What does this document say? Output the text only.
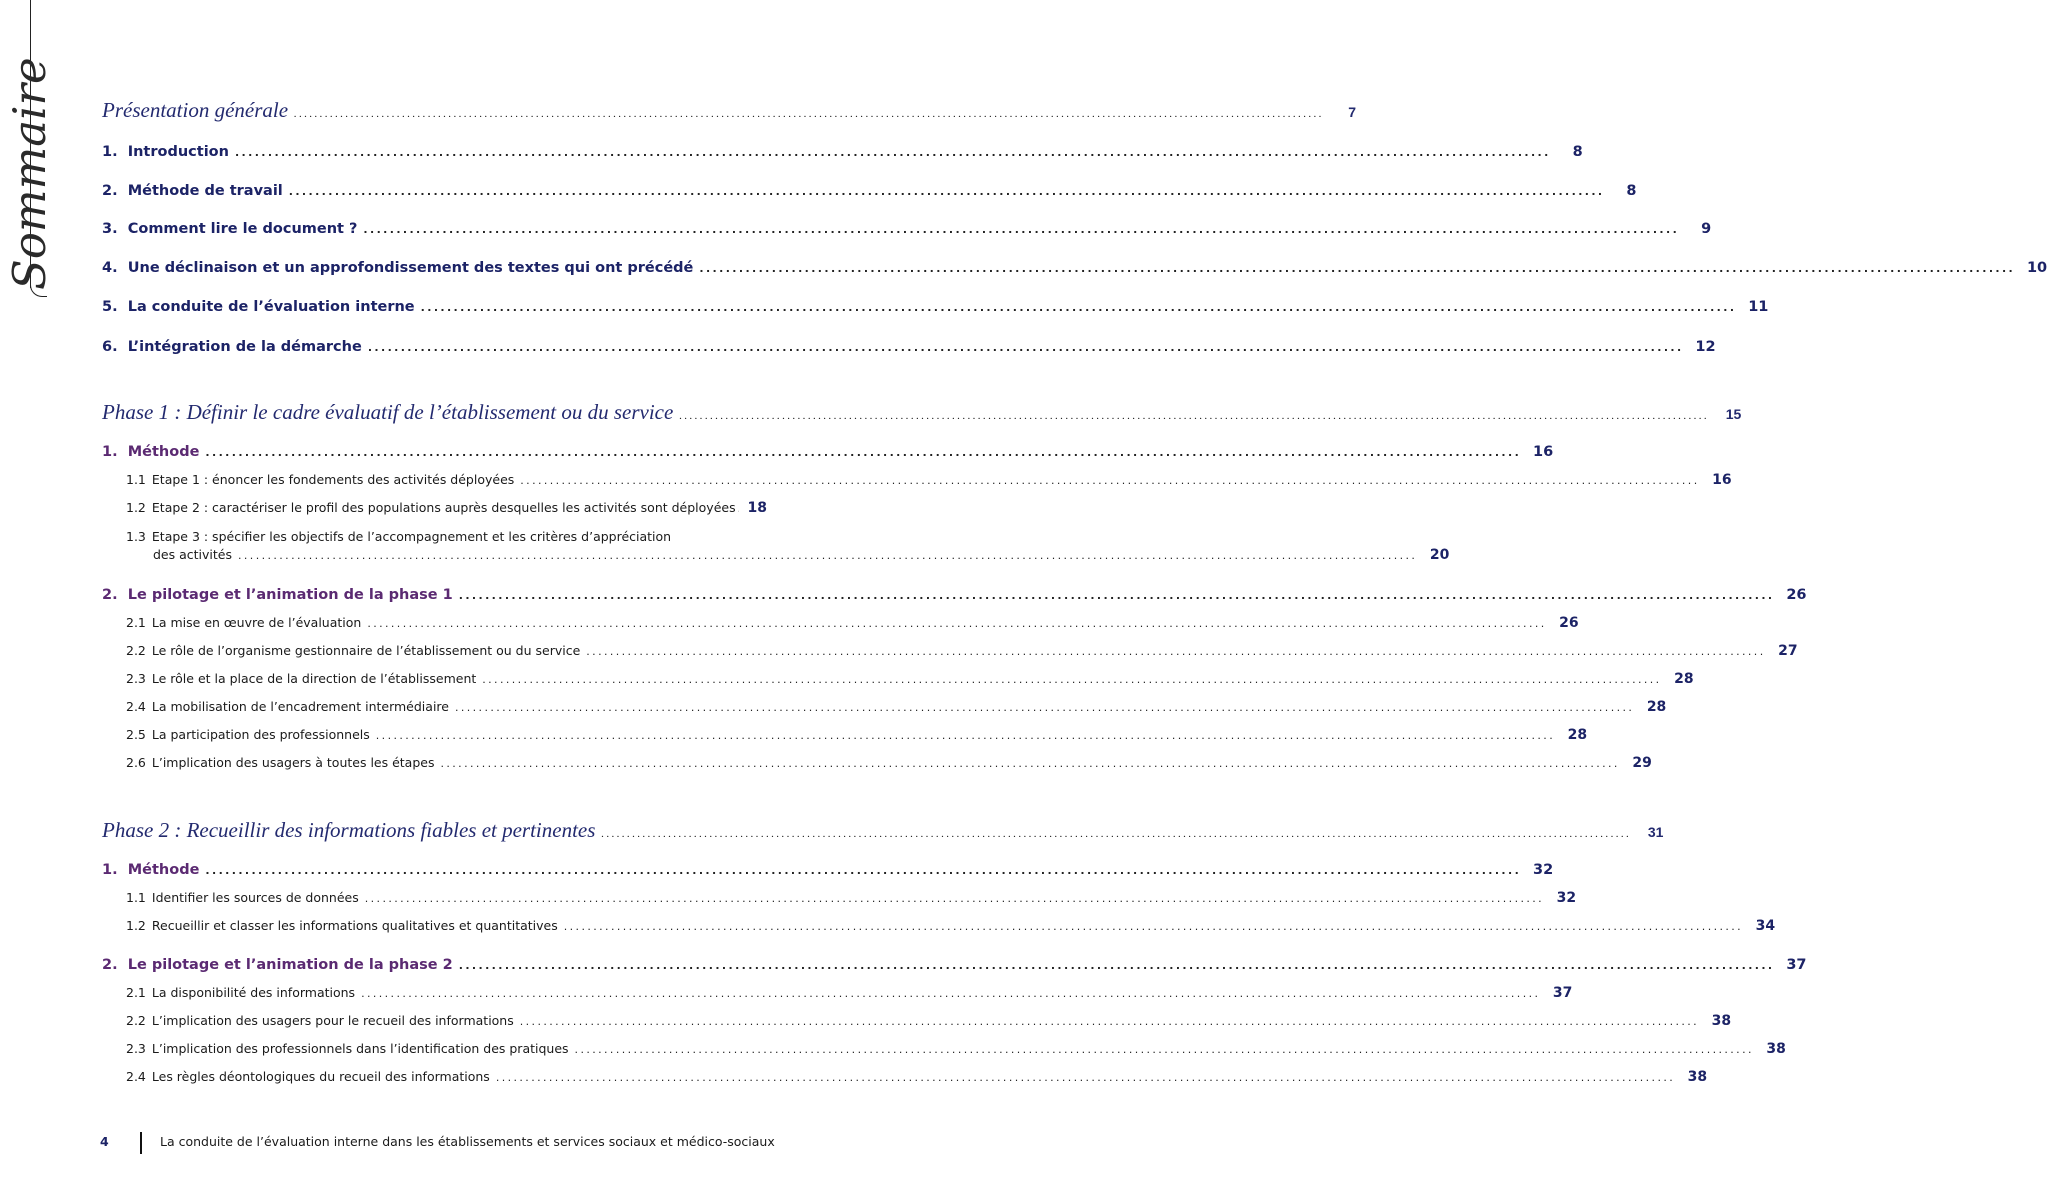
Sommaire Présentation générale ........................................................................................................................................................................................................	7
1. Introduction ........................................................................................................................................................................................................	8
2. Méthode de travail ........................................................................................................................................................................................................	8
3. Comment lire le document ? ........................................................................................................................................................................................................	9
4. Une déclinaison et un approfondissement des textes qui ont précédé ........................................................................................................................................................................................................ 10
5. La conduite de l’évaluation interne ........................................................................................................................................................................................................ 11
6. L’intégration de la démarche ........................................................................................................................................................................................................ 12
Phase 1 : Définir le cadre évaluatif de l’établissement ou du service ........................................................................................................................................................................................................	15
1. Méthode ........................................................................................................................................................................................................ 16
1.1 Etape 1 : énoncer les fondements des activités déployées ........................................................................................................................................................................................................ 16
1.2 Etape 2 : caractériser le profil des populations auprès desquelles les activités sont déployées 18
1.3 Etape 3 : spécifier les objectifs de l’accompagnement et les critères d’appréciation
des activités ........................................................................................................................................................................................................ 20
2. Le pilotage et l’animation de la phase 1 ........................................................................................................................................................................................................ 26
2.1 La mise en œuvre de l’évaluation ........................................................................................................................................................................................................ 26
2.2 Le rôle de l’organisme gestionnaire de l’établissement ou du service ........................................................................................................................................................................................................ 27
2.3 Le rôle et la place de la direction de l’établissement ........................................................................................................................................................................................................ 28
2.4 La mobilisation de l’encadrement intermédiaire ........................................................................................................................................................................................................ 28
2.5 La participation des professionnels ........................................................................................................................................................................................................ 28
2.6 L’implication des usagers à toutes les étapes ........................................................................................................................................................................................................ 29
Phase 2 : Recueillir des informations fiables et pertinentes ........................................................................................................................................................................................................	31
1. Méthode ........................................................................................................................................................................................................ 32
1.1 Identifier les sources de données ........................................................................................................................................................................................................ 32
1.2 Recueillir et classer les informations qualitatives et quantitatives ........................................................................................................................................................................................................ 34
2. Le pilotage et l’animation de la phase 2 ........................................................................................................................................................................................................ 37
2.1 La disponibilité des informations ........................................................................................................................................................................................................ 37
2.2 L’implication des usagers pour le recueil des informations ........................................................................................................................................................................................................ 38
2.3 L’implication des professionnels dans l’identification des pratiques ........................................................................................................................................................................................................ 38
2.4 Les règles déontologiques du recueil des informations ........................................................................................................................................................................................................ 38
4	La conduite de l’évaluation interne dans les établissements et services sociaux et médico-sociaux
